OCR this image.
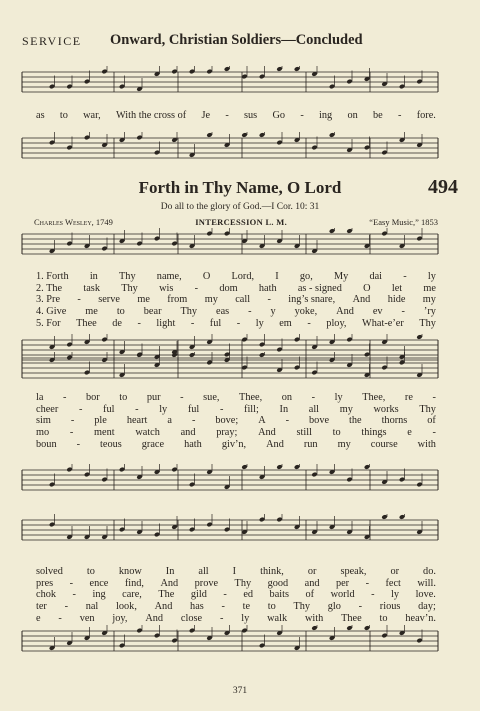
SERVICE Onward, Christian Soldiers—Concluded
as to war, With the cross of Je - sus Go - ing on be - fore.
Forth in Thy Name, O Lord	494
Do all to the glory of God.—I Cor. 10: 31
Charles Wesley, 1749	INTERCESSION L. M.	“Easy Music,” 1853
1. Forth in Thy name, O Lord, I go, My dai - ly
2. The task Thy wis - dom hath as - signed O let me
3. Pre - serve me from my call - ing’s snare, And hide my
4. Give me to bear Thy eas - y yoke, And ev - ’ry
5. For Thee de - light - ful - ly em - ploy, What-e’er Thy
la - bor to pur - sue, Thee, on - ly Thee, re -
cheer - ful - ly ful - fill; In all my works Thy
sim - ple heart a - bove; A - bove the thorns of
mo - ment watch and pray; And still to things e -
boun - teous grace hath giv’n, And run my course with
solved to know In all I think, or speak, or do.
pres - ence find, And prove Thy good and per - fect will.
chok - ing care, The gild - ed baits of world - ly love.
ter - nal look, And has - te to Thy glo - rious day;
e - ven joy, And close - ly walk with Thee to heav’n.
371
